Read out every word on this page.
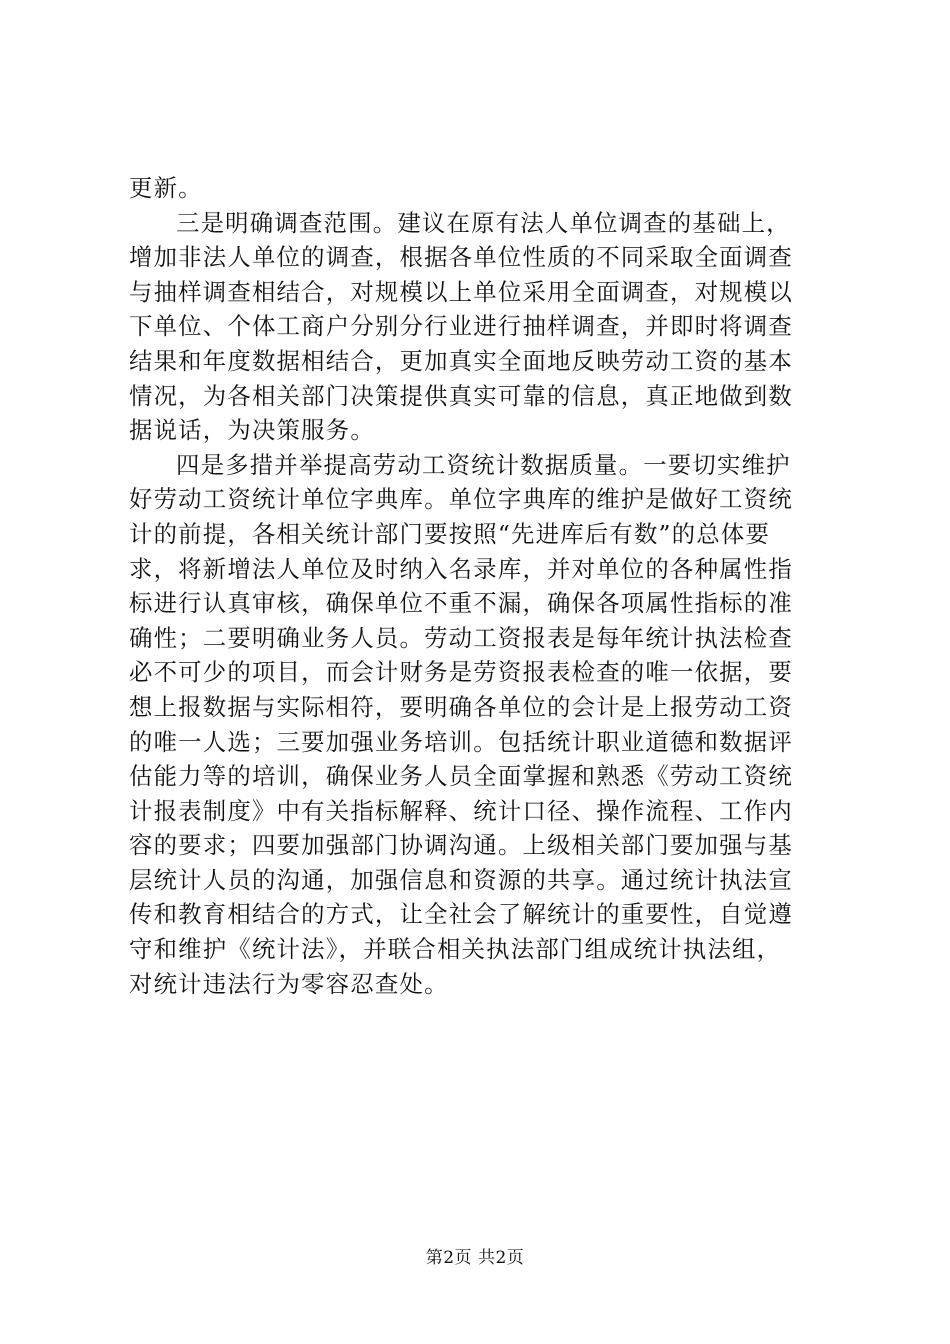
更新。
三是明确调查范围。建议在原有法人单位调查的基础上，
增加非法人单位的调查，根据各单位性质的不同采取全面调查
与抽样调查相结合，对规模以上单位采用全面调查，对规模以
下单位、个体工商户分别分行业进行抽样调查，并即时将调查
结果和年度数据相结合，更加真实全面地反映劳动工资的基本
情况，为各相关部门决策提供真实可靠的信息，真正地做到数
据说话，为决策服务。
四是多措并举提高劳动工资统计数据质量。一要切实维护
好劳动工资统计单位字典库。单位字典库的维护是做好工资统
计的前提，各相关统计部门要按照“先进库后有数”的总体要
求，将新增法人单位及时纳入名录库，并对单位的各种属性指
标进行认真审核，确保单位不重不漏，确保各项属性指标的准
确性；二要明确业务人员。劳动工资报表是每年统计执法检查
必不可少的项目，而会计财务是劳资报表检查的唯一依据，要
想上报数据与实际相符，要明确各单位的会计是上报劳动工资
的唯一人选；三要加强业务培训。包括统计职业道德和数据评
估能力等的培训，确保业务人员全面掌握和熟悉《劳动工资统
计报表制度》中有关指标解释、统计口径、操作流程、工作内
容的要求；四要加强部门协调沟通。上级相关部门要加强与基
层统计人员的沟通，加强信息和资源的共享。通过统计执法宣
传和教育相结合的方式，让全社会了解统计的重要性，自觉遵
守和维护《统计法》，并联合相关执法部门组成统计执法组，
对统计违法行为零容忍查处。
第2页 共2页
